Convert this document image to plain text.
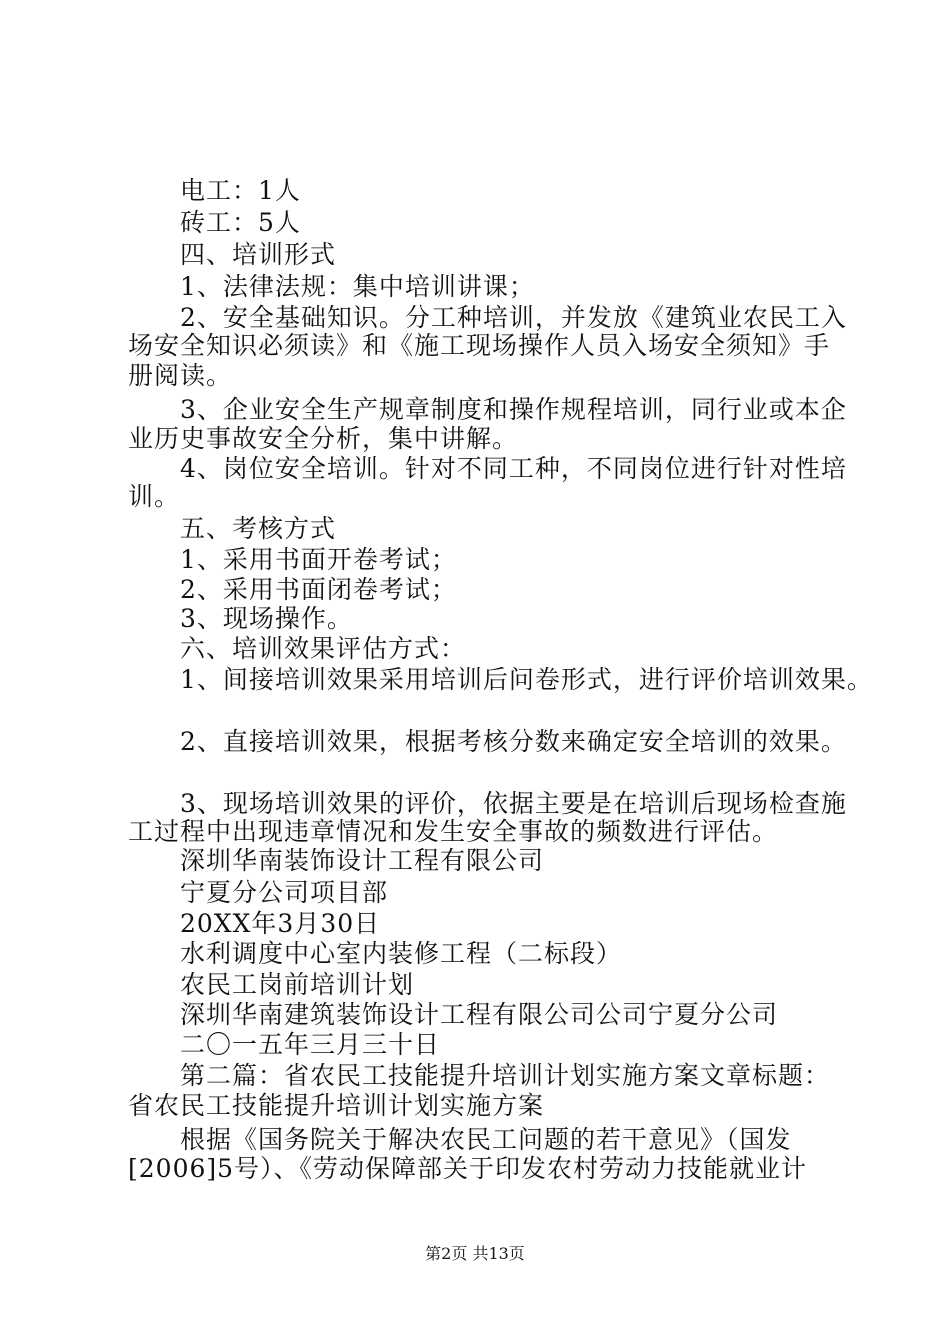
电工：1人
砖工：5人
四、培训形式
1、法律法规：集中培训讲课；
2、安全基础知识。分工种培训，并发放《建筑业农民工入
场安全知识必须读》和《施工现场操作人员入场安全须知》手
册阅读。
3、企业安全生产规章制度和操作规程培训，同行业或本企
业历史事故安全分析，集中讲解。
4、岗位安全培训。针对不同工种，不同岗位进行针对性培
训。
五、考核方式
1、采用书面开卷考试；
2、采用书面闭卷考试；
3、现场操作。
六、培训效果评估方式：
1、间接培训效果采用培训后问卷形式，进行评价培训效果。
2、直接培训效果，根据考核分数来确定安全培训的效果。
3、现场培训效果的评价，依据主要是在培训后现场检查施
工过程中出现违章情况和发生安全事故的频数进行评估。
深圳华南装饰设计工程有限公司
宁夏分公司项目部
20XX年3月30日
水利调度中心室内装修工程（二标段）
农民工岗前培训计划
深圳华南建筑装饰设计工程有限公司公司宁夏分公司
二〇一五年三月三十日
第二篇：省农民工技能提升培训计划实施方案文章标题：
省农民工技能提升培训计划实施方案
根据《国务院关于解决农民工问题的若干意见》（国发
[2006]5号）、《劳动保障部关于印发农村劳动力技能就业计
第2页 共13页
